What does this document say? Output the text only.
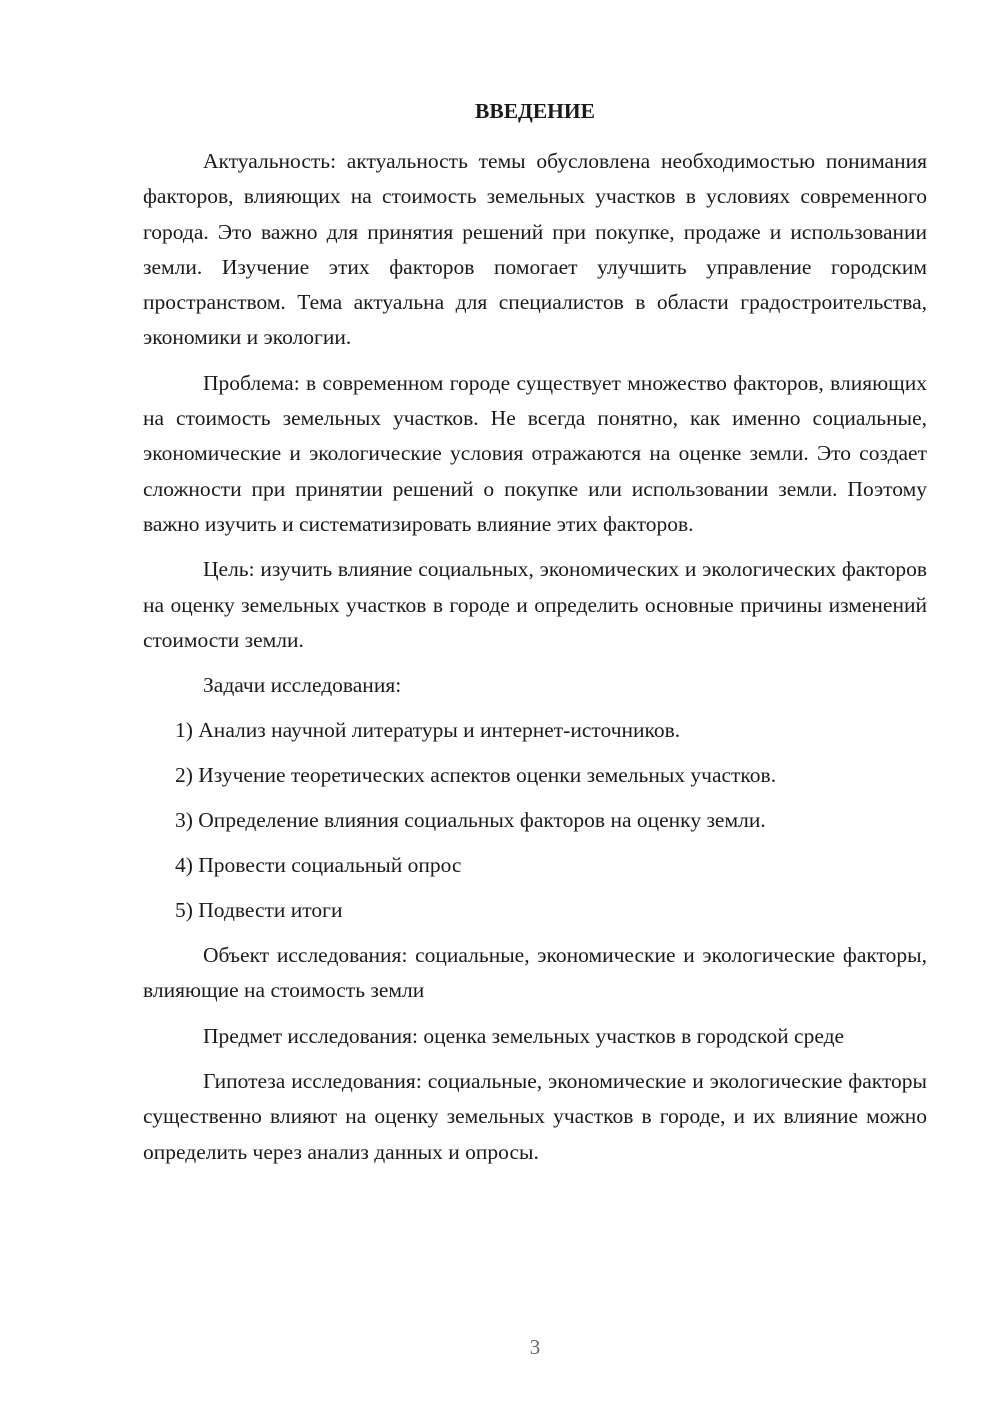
ВВЕДЕНИЕ

Актуальность: актуальность темы обусловлена необходимостью понимания факторов, влияющих на стоимость земельных участков в условиях современного города. Это важно для принятия решений при покупке, продаже и использовании земли. Изучение этих факторов помогает улучшить управление городским пространством. Тема актуальна для специалистов в области градостроительства, экономики и экологии.

Проблема: в современном городе существует множество факторов, влияющих на стоимость земельных участков. Не всегда понятно, как именно социальные, экономические и экологические условия отражаются на оценке земли. Это создает сложности при принятии решений о покупке или использовании земли. Поэтому важно изучить и систематизировать влияние этих факторов.

Цель: изучить влияние социальных, экономических и экологических факторов на оценку земельных участков в городе и определить основные причины изменений стоимости земли.

Задачи исследования:

1) Анализ научной литературы и интернет-источников.

2) Изучение теоретических аспектов оценки земельных участков.

3) Определение влияния социальных факторов на оценку земли.

4) Провести социальный опрос

5) Подвести итоги

Объект исследования: социальные, экономические и экологические факторы, влияющие на стоимость земли

Предмет исследования: оценка земельных участков в городской среде

Гипотеза исследования: социальные, экономические и экологические факторы существенно влияют на оценку земельных участков в городе, и их влияние можно определить через анализ данных и опросы.

3
